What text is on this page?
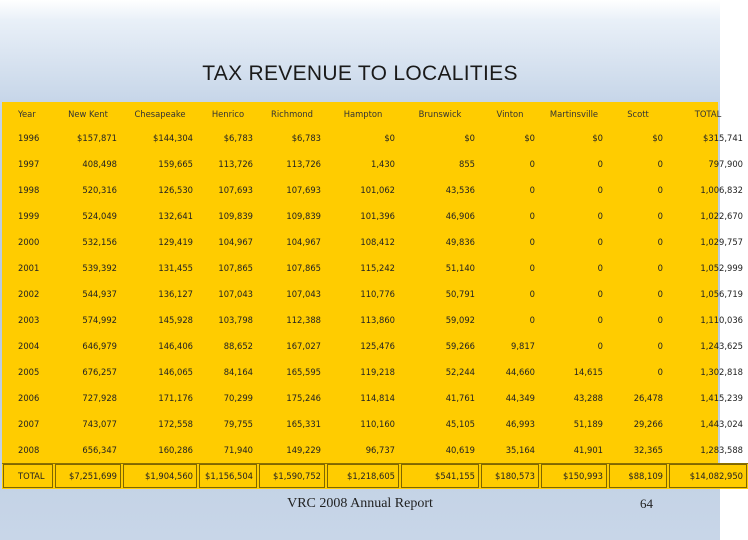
TAX REVENUE TO LOCALITIES
Year	New Kent	Chesapeake	Henrico	Richmond	Hampton	Brunswick	Vinton	Martinsville	Scott	TOTAL
1996	$157,871	$144,304	$6,783	$6,783	$0	$0	$0	$0	$0	$315,741
1997	408,498	159,665	113,726	113,726	1,430	855	0	0	0	797,900
1998	520,316	126,530	107,693	107,693	101,062	43,536	0	0	0	1,006,832
1999	524,049	132,641	109,839	109,839	101,396	46,906	0	0	0	1,022,670
2000	532,156	129,419	104,967	104,967	108,412	49,836	0	0	0	1,029,757
2001	539,392	131,455	107,865	107,865	115,242	51,140	0	0	0	1,052,999
2002	544,937	136,127	107,043	107,043	110,776	50,791	0	0	0	1,056,719
2003	574,992	145,928	103,798	112,388	113,860	59,092	0	0	0	1,110,036
2004	646,979	146,406	88,652	167,027	125,476	59,266	9,817	0	0	1,243,625
2005	676,257	146,065	84,164	165,595	119,218	52,244	44,660	14,615	0	1,302,818
2006	727,928	171,176	70,299	175,246	114,814	41,761	44,349	43,288	26,478	1,415,239
2007	743,077	172,558	79,755	165,331	110,160	45,105	46,993	51,189	29,266	1,443,024
2008	656,347	160,286	71,940	149,229	96,737	40,619	35,164	41,901	32,365	1,283,588
TOTAL	$7,251,699	$1,904,560	$1,156,504	$1,590,752	$1,218,605	$541,155	$180,573	$150,993	$88,109	$14,082,950
VRC 2008 Annual Report	64
